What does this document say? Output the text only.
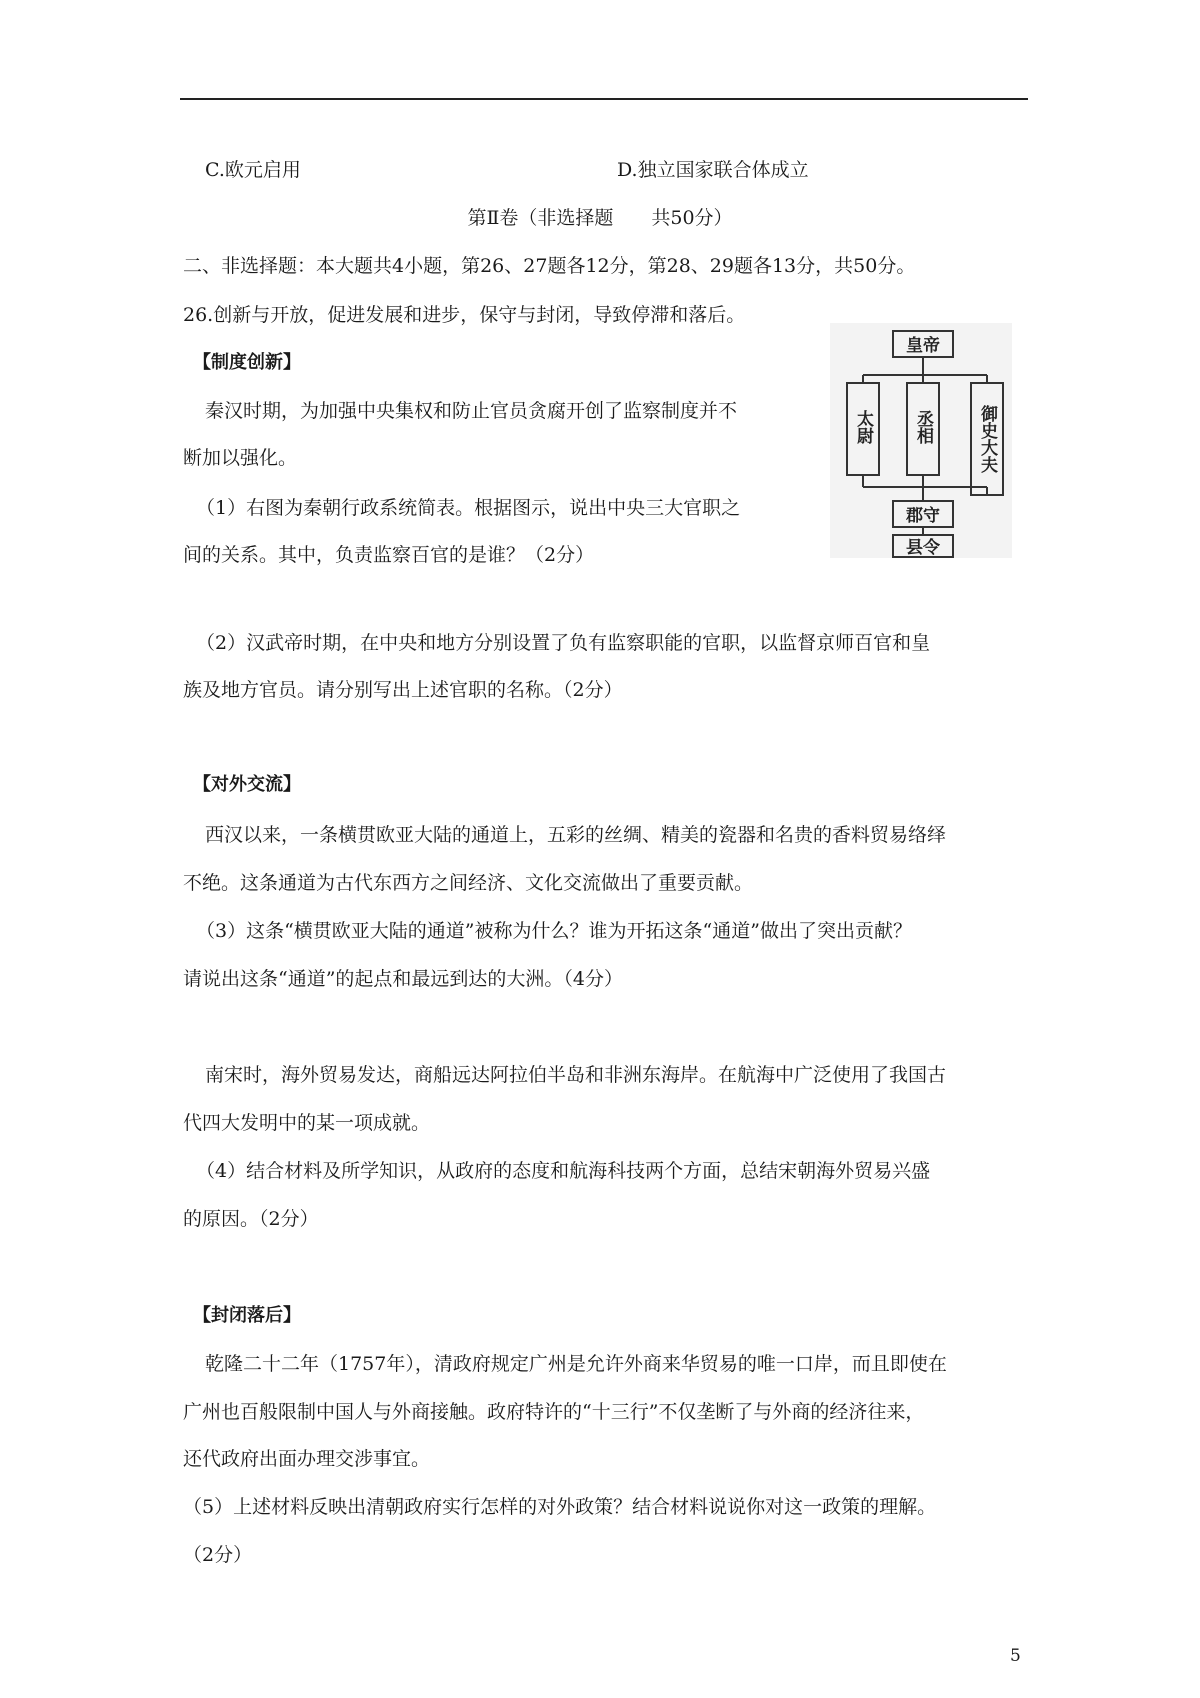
C.欧元启用	D.独立国家联合体成立
第Ⅱ卷（非选择题　　共50分）
二、非选择题：本大题共4小题，第26、27题各12分，第28、29题各13分，共50分。
26.创新与开放，促进发展和进步，保守与封闭，导致停滞和落后。
【制度创新】
秦汉时期，为加强中央集权和防止官员贪腐开创了监察制度并不
断加以强化。
（1）右图为秦朝行政系统简表。根据图示，说出中央三大官职之
间的关系。其中，负责监察百官的是谁？（2分）
皇帝
太尉 丞相	御史大夫
郡守
县令
（2）汉武帝时期，在中央和地方分别设置了负有监察职能的官职，以监督京师百官和皇
族及地方官员。请分别写出上述官职的名称。（2分）
【对外交流】
西汉以来，一条横贯欧亚大陆的通道上，五彩的丝绸、精美的瓷器和名贵的香料贸易络绎
不绝。这条通道为古代东西方之间经济、文化交流做出了重要贡献。
（3）这条“横贯欧亚大陆的通道”被称为什么？谁为开拓这条“通道”做出了突出贡献？
请说出这条“通道”的起点和最远到达的大洲。（4分）
南宋时，海外贸易发达，商船远达阿拉伯半岛和非洲东海岸。在航海中广泛使用了我国古
代四大发明中的某一项成就。
（4）结合材料及所学知识，从政府的态度和航海科技两个方面，总结宋朝海外贸易兴盛
的原因。（2分）
【封闭落后】
乾隆二十二年（1757年），清政府规定广州是允许外商来华贸易的唯一口岸，而且即使在
广州也百般限制中国人与外商接触。政府特许的“十三行”不仅垄断了与外商的经济往来，
还代政府出面办理交涉事宜。
（5）上述材料反映出清朝政府实行怎样的对外政策？结合材料说说你对这一政策的理解。
（2分）
5
